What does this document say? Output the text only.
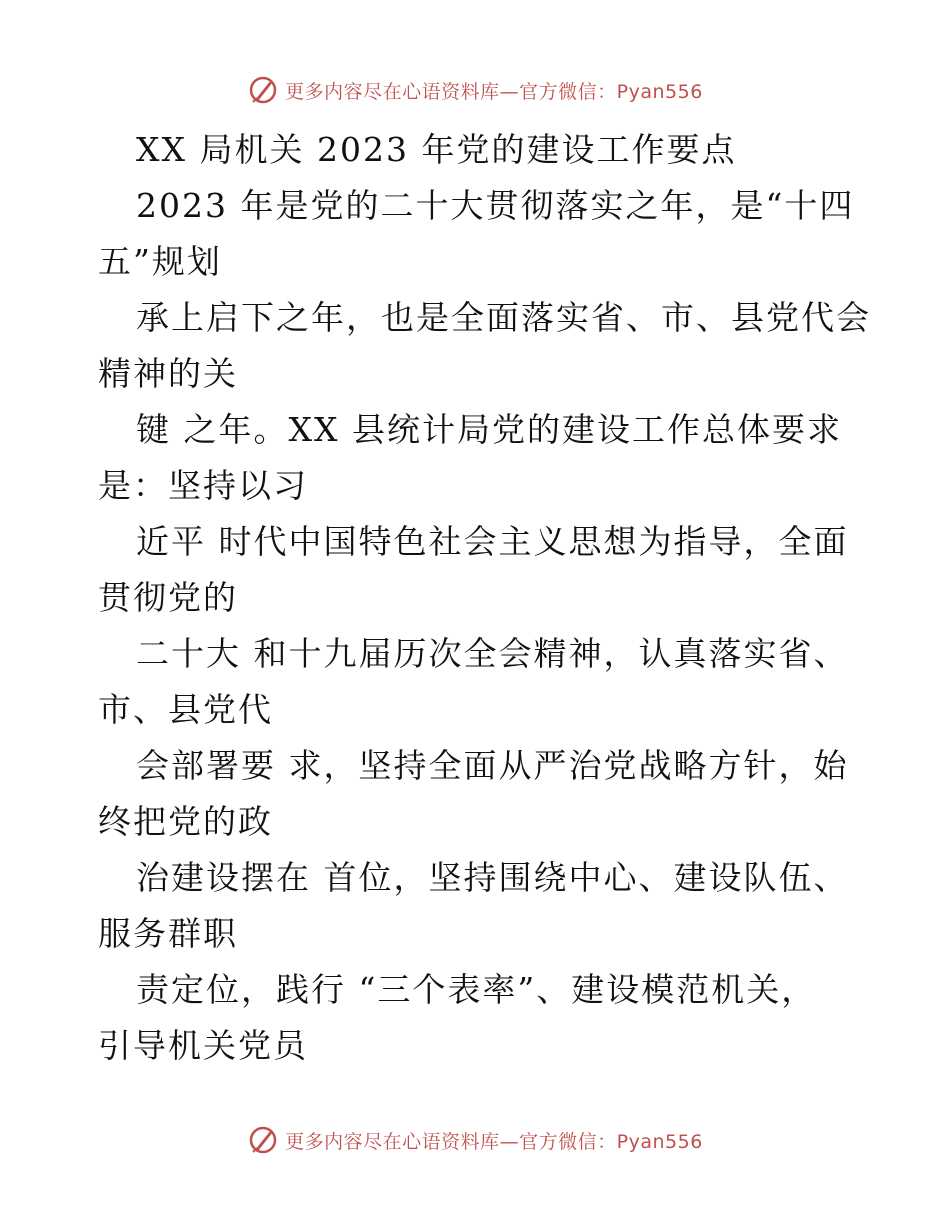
更多内容尽在心语资料库—官方微信：Pyan556
XX 局机关 2023 年党的建设工作要点
2023 年是党的二十大贯彻落实之年，是“十四
五”规划
承上启下之年，也是全面落实省、市、县党代会
精神的关
键 之年。XX 县统计局党的建设工作总体要求
是：坚持以习
近平 时代中国特色社会主义思想为指导，全面
贯彻党的
二十大 和十九届历次全会精神，认真落实省、
市、县党代
会部署要 求，坚持全面从严治党战略方针，始
终把党的政
治建设摆在 首位，坚持围绕中心、建设队伍、
服务群职
责定位，践行 “三个表率”、建设模范机关，
引导机关党员
更多内容尽在心语资料库—官方微信：Pyan556
